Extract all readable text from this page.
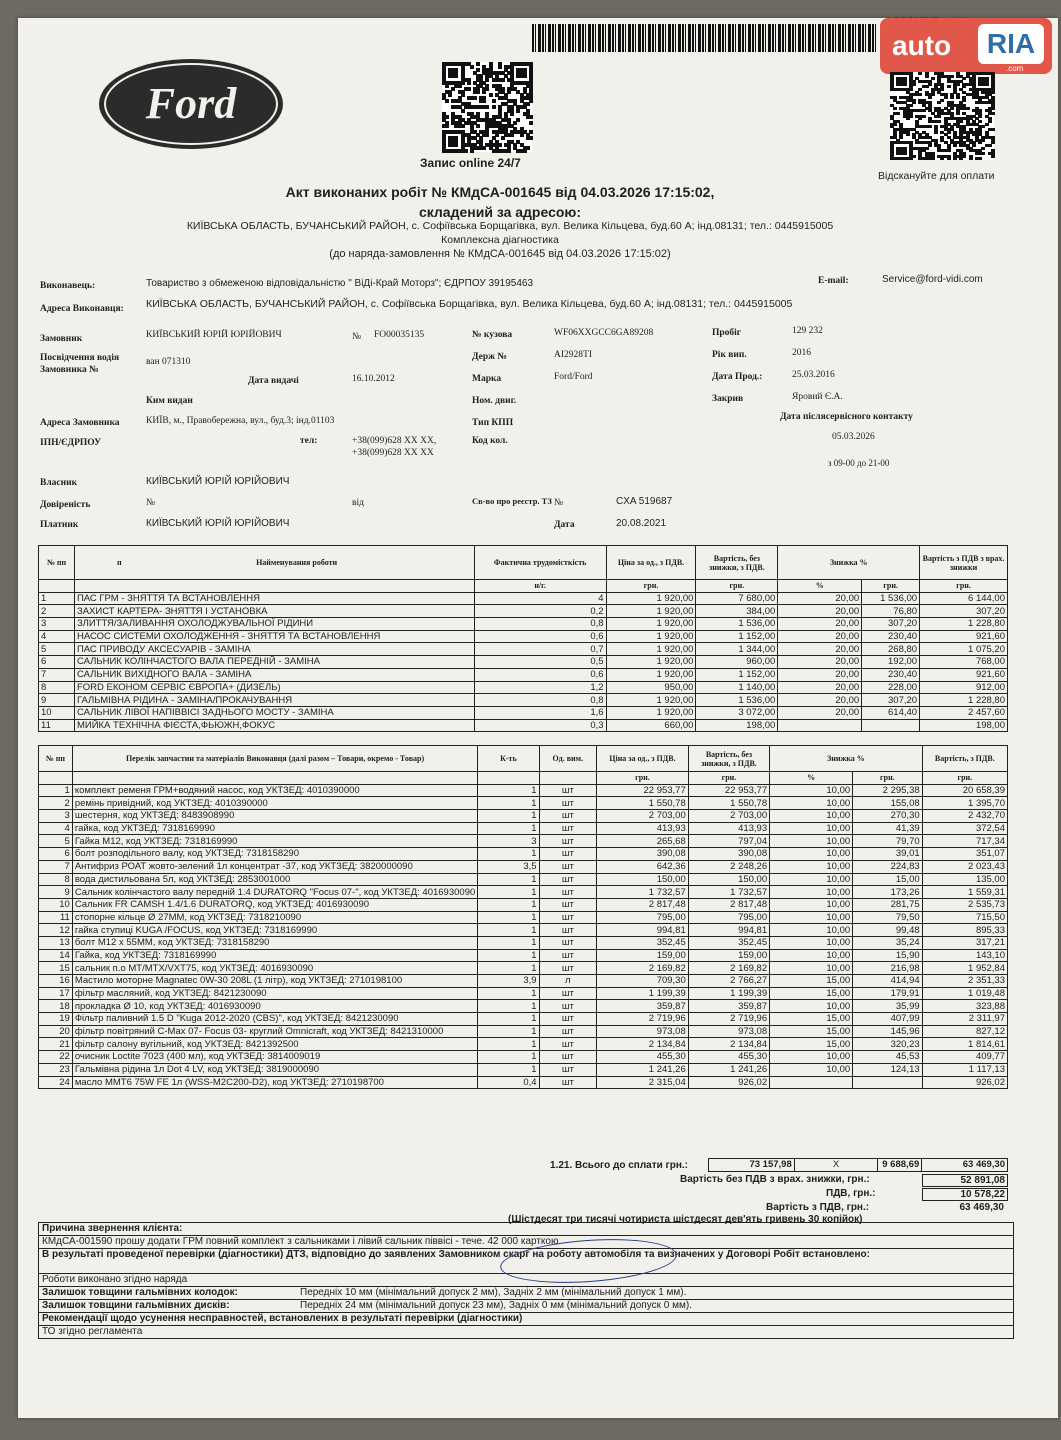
auto	RIA
.com
Ford
Запис online 24/7
Відскануйте для оплати
Акт виконаних робіт № КМдСА-001645 від 04.03.2026 17:15:02,
складений за адресою:
КИЇВСЬКА ОБЛАСТЬ, БУЧАНСЬКИЙ РАЙОН, с. Софіївська Борщагівка, вул. Велика Кільцева, буд.60 А; інд.08131; тел.: 0445915005
Комплексна діагностика
(до наряда-замовлення № КМдСА-001645 від 04.03.2026 17:15:02)
Виконавець:	Товариство з обмеженою відповідальністю " ВіДі-Край Моторз"; ЄДРПОУ 39195463	E-mail:	Service@ford-vidi.com
Адреса Виконавця: КИЇВСЬКА ОБЛАСТЬ, БУЧАНСЬКИЙ РАЙОН, с. Софіївська Борщагівка, вул. Велика Кільцева, буд.60 А; інд.08131; тел.: 0445915005
Замовник	КИЇВСЬКИЙ ЮРІЙ ЮРІЙОВИЧ	№ FO00035135	№ кузова	WF06XXGCC6GA89208	Пробіг	129 232
Посвідчення водія Замовника №
ван 071310	Держ №	AI2928TI	Рік вип.	2016
Дата видачі	16.10.2012	Марка	Ford/Ford	Дата Прод.:	25.03.2016
Ким видан	Ном. двиг.	Закрив	Яровий Є.А.
Адреса Замовника	КИЇВ, м., Правобережна, вул., буд.3; інд.01103	Тип КПП
Дата післясервісного контакту
ІПН/ЄДРПОУ	тел:	+38(099)628 XX XX,
+38(099)628 XX XX
Код кол.	05.03.2026
з 09-00 до 21-00
Власник	КИЇВСЬКИЙ ЮРІЙ ЮРІЙОВИЧ
Довіреність	№	від	Св-во про реєстр. ТЗ №	CXA 519687
Платник	КИЇВСЬКИЙ ЮРІЙ ЮРІЙОВИЧ	Дата	20.08.2021
№ пп	п Найменування роботи	Фактична трудомісткість	Ціна за од., з ПДВ.	Вартість, без знижки, з ПДВ.	Знижка %		Вартість з ПДВ з врах. знижки
		н/г.	грн.	грн.	%	грн.	грн.
1	ПАС ГРМ - ЗНЯТТЯ ТА ВСТАНОВЛЕННЯ	4	1 920,00	7 680,00	20,00	1 536,00	6 144,00
2	ЗАХИСТ КАРТЕРА- ЗНЯТТЯ І УСТАНОВКА	0,2	1 920,00	384,00	20,00	76,80	307,20
3	ЗЛИТТЯ/ЗАЛИВАННЯ ОХОЛОДЖУВАЛЬНОЇ РІДИНИ	0,8	1 920,00	1 536,00	20,00	307,20	1 228,80
4	НАСОС СИСТЕМИ ОХОЛОДЖЕННЯ - ЗНЯТТЯ ТА ВСТАНОВЛЕННЯ	0,6	1 920,00	1 152,00	20,00	230,40	921,60
5	ПАС ПРИВОДУ АКСЕСУАРІВ - ЗАМІНА	0,7	1 920,00	1 344,00	20,00	268,80	1 075,20
6	САЛЬНИК КОЛІНЧАСТОГО ВАЛА ПЕРЕДНІЙ - ЗАМІНА	0,5	1 920,00	960,00	20,00	192,00	768,00
7	САЛЬНИК ВИХІДНОГО ВАЛА - ЗАМІНА	0,6	1 920,00	1 152,00	20,00	230,40	921,60
8	FORD ЕКОНОМ СЕРВІС ЄВРОПА+ (ДИЗЕЛЬ)	1,2	950,00	1 140,00	20,00	228,00	912,00
9	ГАЛЬМІВНА РІДИНА - ЗАМІНА/ПРОКАЧУВАННЯ	0,8	1 920,00	1 536,00	20,00	307,20	1 228,80
10	САЛЬНИК ЛІВОЇ НАПІВВІСІ ЗАДНЬОГО МОСТУ - ЗАМІНА	1,6	1 920,00	3 072,00	20,00	614,40	2 457,60
11	МИЙКА ТЕХНІЧНА ФІЄСТА,ФЬЮЖН,ФОКУС	0,3	660,00	198,00			198,00
№ пп	Перелік запчастин та матеріалів Виконавця (далі разом – Товари, окремо - Товар)	К-ть	Од. вим.	Ціна за од., з ПДВ.	Вартість, без знижки, з ПДВ.	Знижка %		Вартість, з ПДВ.
				грн.	грн.	%	грн.	грн.
1	комплект ременя ГРМ+водяний насос, код УКТЗЕД: 4010390000	1	шт	22 953,77	22 953,77	10,00	2 295,38	20 658,39
2	ремінь привідний, код УКТЗЕД: 4010390000	1	шт	1 550,78	1 550,78	10,00	155,08	1 395,70
3	шестерня, код УКТЗЕД: 8483908990	1	шт	2 703,00	2 703,00	10,00	270,30	2 432,70
4	гайка, код УКТЗЕД: 7318169990	1	шт	413,93	413,93	10,00	41,39	372,54
5	Гайка M12, код УКТЗЕД: 7318169990	3	шт	265,68	797,04	10,00	79,70	717,34
6	болт розподільного валу, код УКТЗЕД: 7318158290	1	шт	390,08	390,08	10,00	39,01	351,07
7	Антифриз РОАТ жовто-зелений 1л концентрат -37, код УКТЗЕД: 3820000090	3,5	шт	642,36	2 248,26	10,00	224,83	2 023,43
8	вода дистильована 5л, код УКТЗЕД: 2853001000	1	шт	150,00	150,00	10,00	15,00	135,00
9	Сальник колінчастого валу передній 1.4 DURATORQ "Focus 07-", код УКТЗЕД: 4016930090	1	шт	1 732,57	1 732,57	10,00	173,26	1 559,31
10	Сальник FR CAMSH 1.4/1.6 DURATORQ, код УКТЗЕД: 4016930090	1	шт	2 817,48	2 817,48	10,00	281,75	2 535,73
11	стопорне кільце Ø 27MM, код УКТЗЕД: 7318210090	1	шт	795,00	795,00	10,00	79,50	715,50
12	гайка ступиці KUGA /FOCUS, код УКТЗЕД: 7318169990	1	шт	994,81	994,81	10,00	99,48	895,33
13	болт M12 x 55MM, код УКТЗЕД: 7318158290	1	шт	352,45	352,45	10,00	35,24	317,21
14	Гайка, код УКТЗЕД: 7318169990	1	шт	159,00	159,00	10,00	15,90	143,10
15	сальник п.о MT/MTX/VXT75, код УКТЗЕД: 4016930090	1	шт	2 169,82	2 169,82	10,00	216,98	1 952,84
16	Мастило моторне Magnatec 0W-30 208L (1 літр), код УКТЗЕД: 2710198100	3,9	л	709,30	2 766,27	15,00	414,94	2 351,33
17	фільтр масляний, код УКТЗЕД: 8421230090	1	шт	1 199,39	1 199,39	15,00	179,91	1 019,48
18	прокладка Ø 10, код УКТЗЕД: 4016930090	1	шт	359,87	359,87	10,00	35,99	323,88
19	Фільтр паливний 1.5 D "Kuga 2012-2020 (CBS)", код УКТЗЕД: 8421230090	1	шт	2 719,96	2 719,96	15,00	407,99	2 311,97
20	фільтр повітряний C-Max 07- Focus 03- круглий Omnicraft, код УКТЗЕД: 8421310000	1	шт	973,08	973,08	15,00	145,96	827,12
21	фільтр салону вугільний, код УКТЗЕД: 8421392500	1	шт	2 134,84	2 134,84	15,00	320,23	1 814,61
22	очисник Loctite 7023 (400 мл), код УКТЗЕД: 3814009019	1	шт	455,30	455,30	10,00	45,53	409,77
23	Гальмівна рідина 1л Dot 4 LV, код УКТЗЕД: 3819000090	1	шт	1 241,26	1 241,26	10,00	124,13	1 117,13
24	масло MMT6 75W FE 1л (WSS-M2C200-D2), код УКТЗЕД: 2710198700	0,4	шт	2 315,04	926,02			926,02
1.21. Всього до сплати грн.:	73 157,98	X	9 688,69	63 469,30
Вартість без ПДВ з врах. знижки, грн.:	52 891,08
ПДВ, грн.:	10 578,22
Вартість з ПДВ, грн.:	63 469,30
(Шістдесят три тисячі чотириста шістдесят дев'ять гривень 30 копійок)
Причина звернення клієнта:
КМдСА-001590 прошу додати ГРМ повний комплект з сальниками і лівий сальник піввісі - тече. 42 000 карткою
В результаті проведеної перевірки (діагностики) ДТЗ, відповідно до заявлених Замовником скарг на роботу автомобіля та визначених у Договорі Робіт встановлено:
Роботи виконано згідно наряда
Залишок товщини гальмівних колодок:	Передніх 10 мм (мінімальний допуск 2 мм), Задніх 2 мм (мінімальний допуск 1 мм).
Залишок товщини гальмівних дисків:	Передніх 24 мм (мінімальний допуск 23 мм), Задніх 0 мм (мінімальний допуск 0 мм).
Рекомендації щодо усунення несправностей, встановлених в результаті перевірки (діагностики)
ТО згідно регламента
